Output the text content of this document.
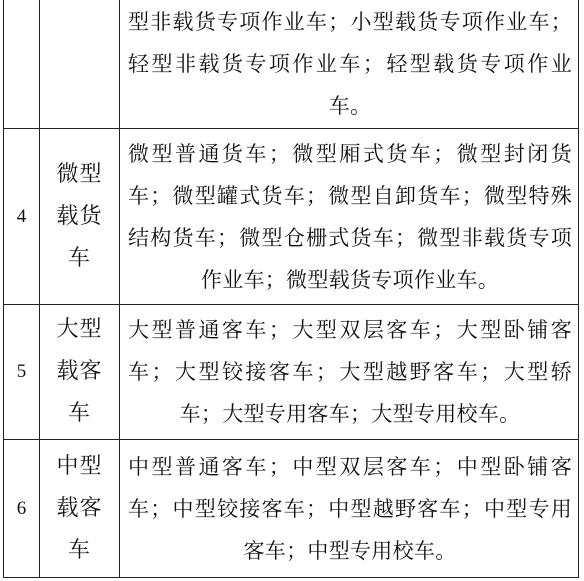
		型非载货专项作业车；小型载货专项作业车；轻型非载货专项作业车；轻型载货专项作业车。
4	微型
载货
车	微型普通货车；微型厢式货车；微型封闭货车；微型罐式货车；微型自卸货车；微型特殊结构货车；微型仓栅式货车；微型非载货专项作业车；微型载货专项作业车。
5	大型
载客
车	大型普通客车；大型双层客车；大型卧铺客车；大型铰接客车；大型越野客车；大型轿车；大型专用客车；大型专用校车。
6	中型
载客
车	中型普通客车；中型双层客车；中型卧铺客车；中型铰接客车；中型越野客车；中型专用客车；中型专用校车。
